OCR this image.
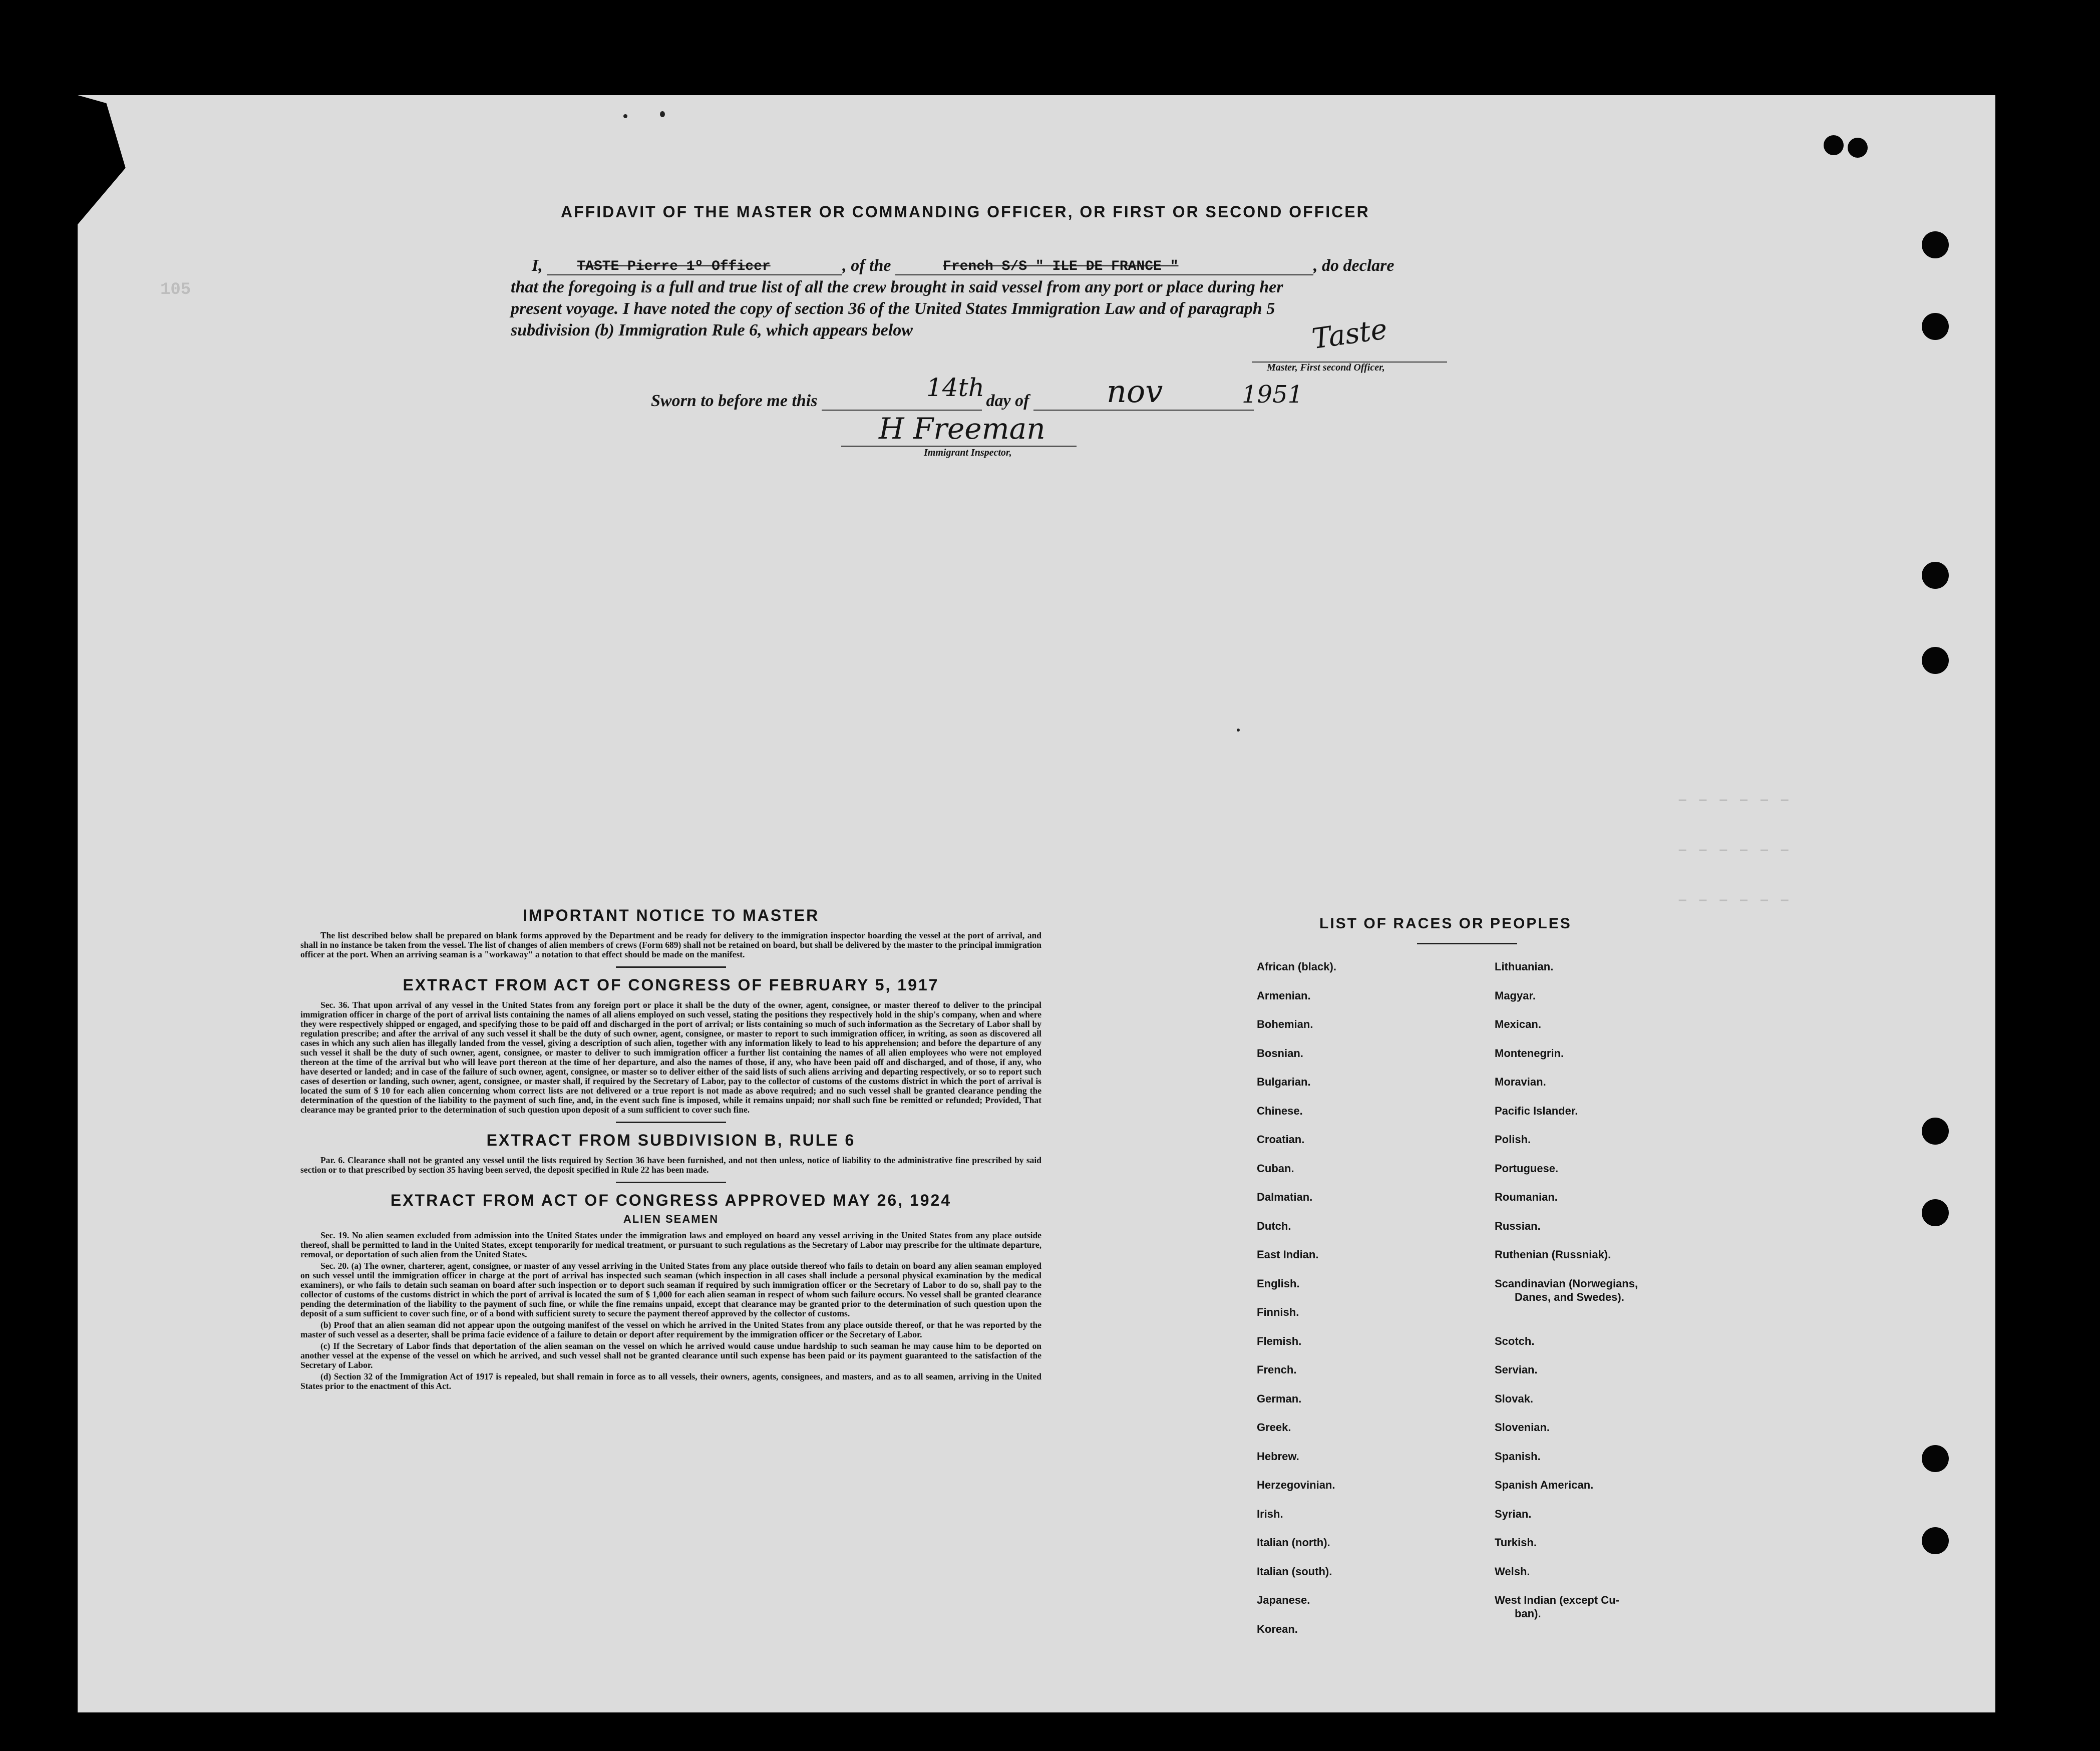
105
AFFIDAVIT OF THE MASTER OR COMMANDING OFFICER, OR FIRST OR SECOND OFFICER
I, TASTE Pierre 1º Officer	, of the	French S/S " ILE DE FRANCE "	, do declare
that the foregoing is a full and true list of all the crew brought in said vessel from any port or place during her
present voyage. I have noted the copy of section 36 of the United States Immigration Law and of paragraph 5
subdivision (b) Immigration Rule 6, which appears below	Taste
Master, First second Officer,
Sworn to before me this	day of
14th	nov	1951
H Freeman
Immigrant Inspector,
– – – – – –
– – – – – –
– – – – – –
IMPORTANT NOTICE TO MASTER

The list described below shall be prepared on blank forms approved by the Department and be ready for delivery to the immigration inspector boarding the vessel at the port of arrival, and shall in no instance be taken from the vessel. The list of changes of alien members of crews (Form 689) shall not be retained on board, but shall be delivered by the master to the principal immigration officer at the port. When an arriving seaman is a "workaway" a notation to that effect should be made on the manifest.

EXTRACT FROM ACT OF CONGRESS OF FEBRUARY 5, 1917

Sec. 36. That upon arrival of any vessel in the United States from any foreign port or place it shall be the duty of the owner, agent, consignee, or master thereof to deliver to the principal immigration officer in charge of the port of arrival lists containing the names of all aliens employed on such vessel, stating the positions they respectively hold in the ship's company, when and where they were respectively shipped or engaged, and specifying those to be paid off and discharged in the port of arrival; or lists containing so much of such information as the Secretary of Labor shall by regulation prescribe; and after the arrival of any such vessel it shall be the duty of such owner, agent, consignee, or master to report to such immigration officer, in writing, as soon as discovered all cases in which any such alien has illegally landed from the vessel, giving a description of such alien, together with any information likely to lead to his apprehension; and before the departure of any such vessel it shall be the duty of such owner, agent, consignee, or master to deliver to such immigration officer a further list containing the names of all alien employees who were not employed thereon at the time of the arrival but who will leave port thereon at the time of her departure, and also the names of those, if any, who have been paid off and discharged, and of those, if any, who have deserted or landed; and in case of the failure of such owner, agent, consignee, or master so to deliver either of the said lists of such aliens arriving and departing respectively, or so to report such cases of desertion or landing, such owner, agent, consignee, or master shall, if required by the Secretary of Labor, pay to the collector of customs of the customs district in which the port of arrival is located the sum of $ 10 for each alien concerning whom correct lists are not delivered or a true report is not made as above required; and no such vessel shall be granted clearance pending the determination of the question of the liability to the payment of such fine, and, in the event such fine is imposed, while it remains unpaid; nor shall such fine be remitted or refunded; Provided, That clearance may be granted prior to the determination of such question upon deposit of a sum sufficient to cover such fine.

EXTRACT FROM SUBDIVISION B, RULE 6

Par. 6. Clearance shall not be granted any vessel until the lists required by Section 36 have been furnished, and not then unless, notice of liability to the administrative fine prescribed by said section or to that prescribed by section 35 having been served, the deposit specified in Rule 22 has been made.

EXTRACT FROM ACT OF CONGRESS APPROVED MAY 26, 1924
ALIEN SEAMEN

Sec. 19. No alien seamen excluded from admission into the United States under the immigration laws and employed on board any vessel arriving in the United States from any place outside thereof, shall be permitted to land in the United States, except temporarily for medical treatment, or pursuant to such regulations as the Secretary of Labor may prescribe for the ultimate departure, removal, or deportation of such alien from the United States.

Sec. 20. (a) The owner, charterer, agent, consignee, or master of any vessel arriving in the United States from any place outside thereof who fails to detain on board any alien seaman employed on such vessel until the immigration officer in charge at the port of arrival has inspected such seaman (which inspection in all cases shall include a personal physical examination by the medical examiners), or who fails to detain such seaman on board after such inspection or to deport such seaman if required by such immigration officer or the Secretary of Labor to do so, shall pay to the collector of customs of the customs district in which the port of arrival is located the sum of $ 1,000 for each alien seaman in respect of whom such failure occurs. No vessel shall be granted clearance pending the determination of the liability to the payment of such fine, or while the fine remains unpaid, except that clearance may be granted prior to the determination of such question upon the deposit of a sum sufficient to cover such fine, or of a bond with sufficient surety to secure the payment thereof approved by the collector of customs.

(b) Proof that an alien seaman did not appear upon the outgoing manifest of the vessel on which he arrived in the United States from any place outside thereof, or that he was reported by the master of such vessel as a deserter, shall be prima facie evidence of a failure to detain or deport after requirement by the immigration officer or the Secretary of Labor.

(c) If the Secretary of Labor finds that deportation of the alien seaman on the vessel on which he arrived would cause undue hardship to such seaman he may cause him to be deported on another vessel at the expense of the vessel on which he arrived, and such vessel shall not be granted clearance until such expense has been paid or its payment guaranteed to the satisfaction of the Secretary of Labor.

(d) Section 32 of the Immigration Act of 1917 is repealed, but shall remain in force as to all vessels, their owners, agents, consignees, and masters, and as to all seamen, arriving in the United States prior to the enactment of this Act.

LIST OF RACES OR PEOPLES
African (black).
Armenian.
Bohemian.
Bosnian.
Bulgarian.
Chinese.
Croatian.
Cuban.
Dalmatian.
Dutch.
East Indian.
English.
Finnish.
Flemish.
French.
German.
Greek.
Hebrew.
Herzegovinian.
Irish.
Italian (north).
Italian (south).
Japanese.
Korean.
Lithuanian.
Magyar.
Mexican.
Montenegrin.
Moravian.
Pacific Islander.
Polish.
Portuguese.
Roumanian.
Russian.
Ruthenian (Russniak).
Scandinavian (Norwegians,
Danes, and Swedes).
Scotch.
Servian.
Slovak.
Slovenian.
Spanish.
Spanish American.
Syrian.
Turkish.
Welsh.
West Indian (except Cu-
ban).
